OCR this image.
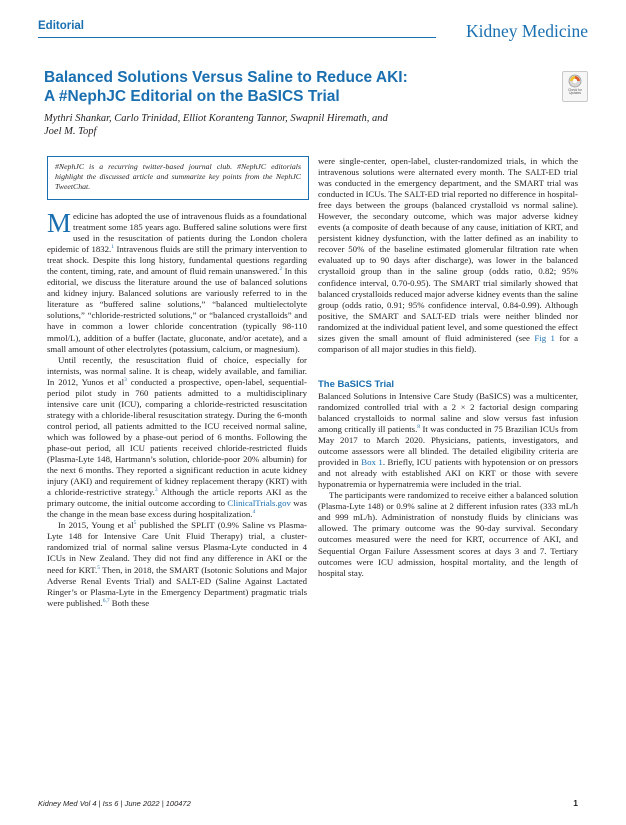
Editorial	Kidney Medicine
Balanced Solutions Versus Saline to Reduce AKI:
A #NephJC Editorial on the BaSICS Trial	Check for
Updates

Mythri Shankar, Carlo Trinidad, Elliot Koranteng Tannor, Swapnil Hiremath, and
Joel M. Topf

#NephJC is a recurring twitter-based journal club. #NephJC editorials highlight the discussed article and summarize key points from the NephJC TweetChat.

Medicine has adopted the use of intravenous fluids as a foundational treatment some 185 years ago. Buffered saline solutions were first used in the resuscitation of patients during the London cholera epidemic of 1832.$^1$ Intravenous fluids are still the primary intervention to treat shock. Despite this long history, fundamental questions regarding the content, timing, rate, and amount of fluid remain unanswered.$^2$ In this editorial, we discuss the literature around the use of balanced solutions and kidney injury. Balanced solutions are variously referred to in the literature as “buffered saline solutions,” “balanced multielectolyte solutions,” “chloride-restricted solutions,” or “balanced crystalloids” and have in common a lower chloride concentration (typically 98-110 mmol/L), addition of a buffer (lactate, gluconate, and/or acetate), and a small amount of other electrolytes (potassium, calcium, or magnesium).

Until recently, the resuscitation fluid of choice, especially for internists, was normal saline. It is cheap, widely available, and familiar. In 2012, Yunos et al$^3$ conducted a prospective, open-label, sequential-period pilot study in 760 patients admitted to a multidisciplinary intensive care unit (ICU), comparing a chloride-restricted resuscitation strategy with a chloride-liberal resuscitation strategy. During the 6-month control period, all patients admitted to the ICU received normal saline, which was followed by a phase-out period of 6 months. Following the phase-out period, all ICU patients received chloride-restricted fluids (Plasma-Lyte 148, Hartmann’s solution, chloride-poor 20% albumin) for the next 6 months. They reported a significant reduction in acute kidney injury (AKI) and requirement of kidney replacement therapy (KRT) with a chloride-restrictive strategy.$^3$ Although the article reports AKI as the primary outcome, the initial outcome according to ClinicalTrials.gov was the change in the mean base excess during hospitalization.$^4$

In 2015, Young et al$^5$ published the SPLIT (0.9% Saline vs Plasma-Lyte 148 for Intensive Care Unit Fluid Therapy) trial, a cluster-randomized trial of normal saline versus Plasma-Lyte conducted in 4 ICUs in New Zealand. They did not find any difference in AKI or the need for KRT.$^5$ Then, in 2018, the SMART (Isotonic Solutions and Major Adverse Renal Events Trial) and SALT-ED (Saline Against Lactated Ringer’s or Plasma-Lyte in the Emergency Department) pragmatic trials were published.$^{6,7}$ Both these

were single-center, open-label, cluster-randomized trials, in which the intravenous solutions were alternated every month. The SALT-ED trial was conducted in the emergency department, and the SMART trial was conducted in ICUs. The SALT-ED trial reported no difference in hospital-free days between the groups (balanced crystalloid vs normal saline). However, the secondary outcome, which was major adverse kidney events (a composite of death because of any cause, initiation of KRT, and persistent kidney dysfunction, with the latter defined as an inability to recover 50% of the baseline estimated glomerular filtration rate when evaluated up to 90 days after discharge), was lower in the balanced crystalloid group than in the saline group (odds ratio, 0.82; 95% confidence interval, 0.70-0.95). The SMART trial similarly showed that balanced crystalloids reduced major adverse kidney events than the saline group (odds ratio, 0.91; 95% confidence interval, 0.84-0.99). Although positive, the SMART and SALT-ED trials were neither blinded nor randomized at the individual patient level, and some questioned the effect sizes given the small amount of fluid administered (see Fig 1 for a comparison of all major studies in this field).

The BaSICS Trial

Balanced Solutions in Intensive Care Study (BaSICS) was a multicenter, randomized controlled trial with a 2 × 2 factorial design comparing balanced crystalloids to normal saline and slow versus fast infusion among critically ill patients.$^8$ It was conducted in 75 Brazilian ICUs from May 2017 to March 2020. Physicians, patients, investigators, and outcome assessors were all blinded. The detailed eligibility criteria are provided in Box 1. Briefly, ICU patients with hypotension or on pressors and not already with established AKI on KRT or those with severe hyponatremia or hypernatremia were included in the trial.

The participants were randomized to receive either a balanced solution (Plasma-Lyte 148) or 0.9% saline at 2 different infusion rates (333 mL/h and 999 mL/h). Administration of nonstudy fluids by clinicians was allowed. The primary outcome was the 90-day survival. Secondary outcomes measured were the need for KRT, occurrence of AKI, and Sequential Organ Failure Assessment scores at days 3 and 7. Tertiary outcomes were ICU admission, hospital mortality, and the length of hospital stay.

Kidney Med Vol 4 | Iss 6 | June 2022 | 100472	1
